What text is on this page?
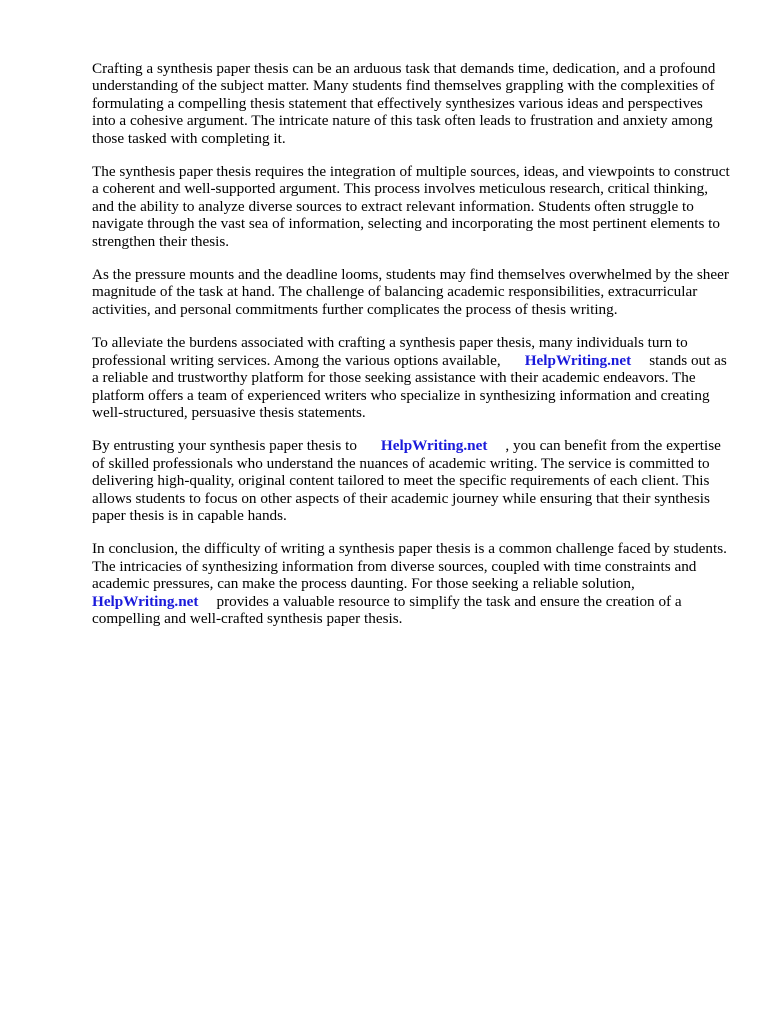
Crafting a synthesis paper thesis can be an arduous task that demands time, dedication, and a profound understanding of the subject matter. Many students find themselves grappling with the complexities of formulating a compelling thesis statement that effectively synthesizes various ideas and perspectives into a cohesive argument. The intricate nature of this task often leads to frustration and anxiety among those tasked with completing it.

The synthesis paper thesis requires the integration of multiple sources, ideas, and viewpoints to construct a coherent and well-supported argument. This process involves meticulous research, critical thinking, and the ability to analyze diverse sources to extract relevant information. Students often struggle to navigate through the vast sea of information, selecting and incorporating the most pertinent elements to strengthen their thesis.

As the pressure mounts and the deadline looms, students may find themselves overwhelmed by the sheer magnitude of the task at hand. The challenge of balancing academic responsibilities, extracurricular activities, and personal commitments further complicates the process of thesis writing.

To alleviate the burdens associated with crafting a synthesis paper thesis, many individuals turn to professional writing services. Among the various options available, HelpWriting.net stands out as a reliable and trustworthy platform for those seeking assistance with their academic endeavors. The platform offers a team of experienced writers who specialize in synthesizing information and creating well-structured, persuasive thesis statements.

By entrusting your synthesis paper thesis to HelpWriting.net , you can benefit from the expertise of skilled professionals who understand the nuances of academic writing. The service is committed to delivering high-quality, original content tailored to meet the specific requirements of each client. This allows students to focus on other aspects of their academic journey while ensuring that their synthesis paper thesis is in capable hands.

In conclusion, the difficulty of writing a synthesis paper thesis is a common challenge faced by students. The intricacies of synthesizing information from diverse sources, coupled with time constraints and academic pressures, can make the process daunting. For those seeking a reliable solution,HelpWriting.net provides a valuable resource to simplify the task and ensure the creation of a compelling and well-crafted synthesis paper thesis.
